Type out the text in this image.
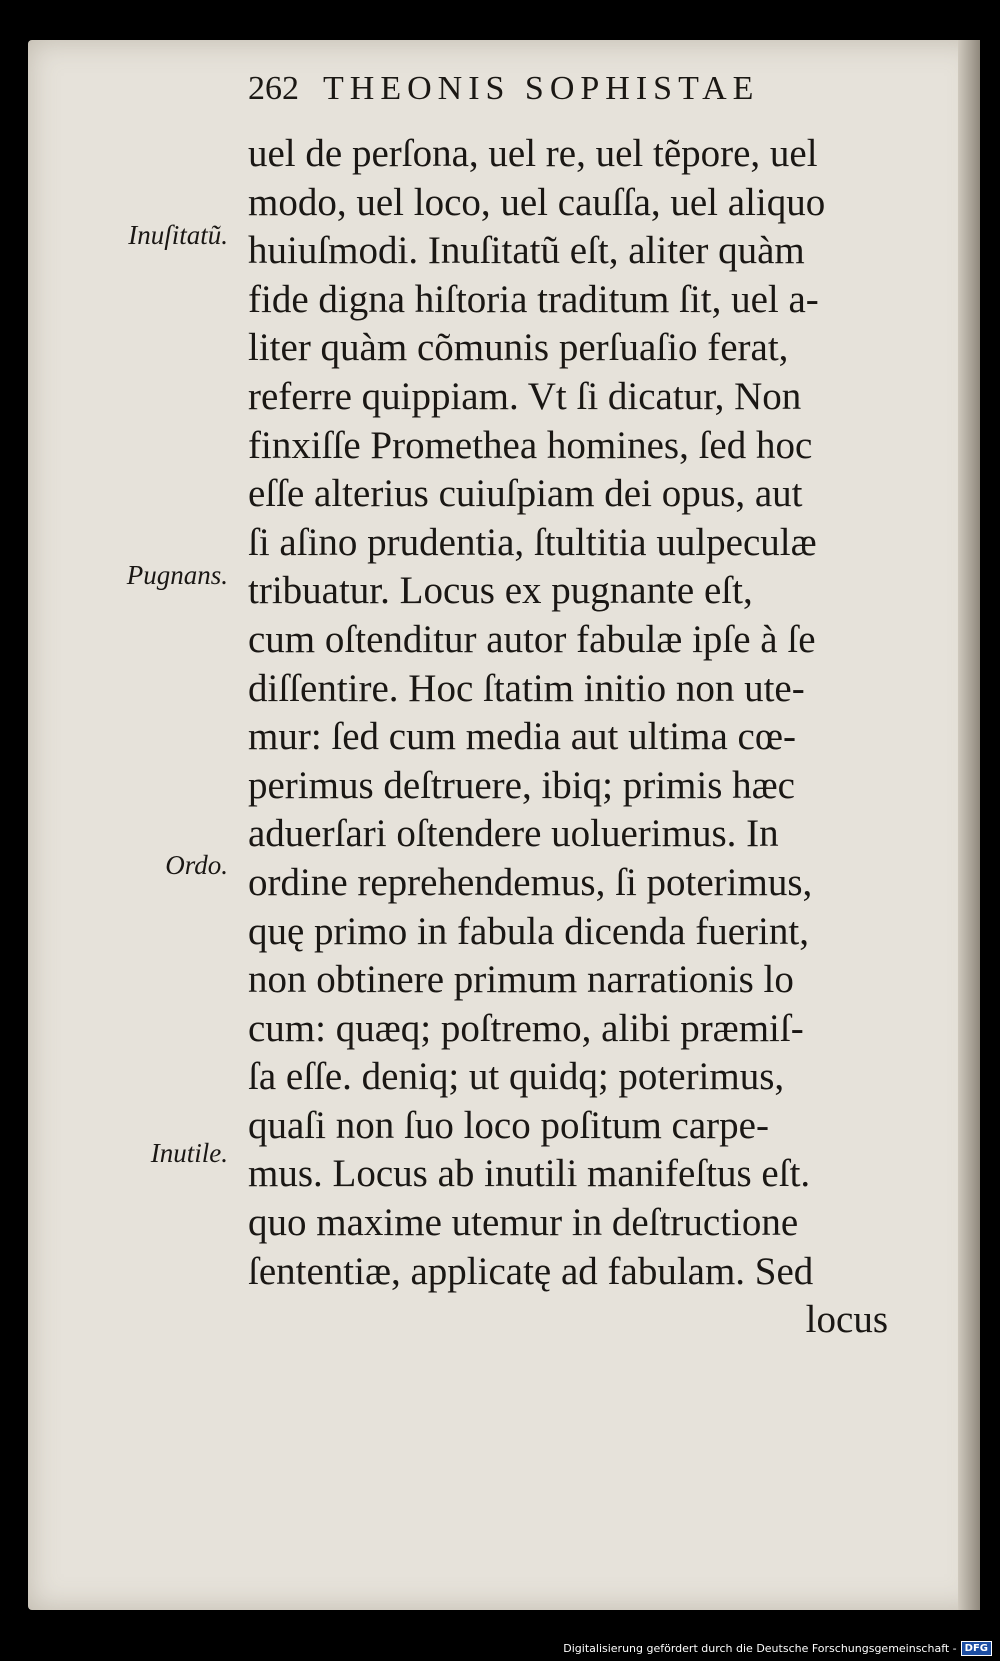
262 THEONIS SOPHISTAE
uel de perſona, uel re, uel tẽpore, uel
modo, uel loco, uel cauſſa, uel aliquo
huiuſmodi. Inuſitatũ eſt, aliter quàm
fide digna hiſtoria traditum ſit, uel a-
liter quàm cõmunis perſuaſio ferat,
referre quippiam. Vt ſi dicatur, Non
finxiſſe Promethea homines, ſed hoc
eſſe alterius cuiuſpiam dei opus, aut
ſi aſino prudentia, ſtultitia uulpeculæ
tribuatur. Locus ex pugnante eſt,
cum oſtenditur autor fabulæ ipſe à ſe
diſſentire. Hoc ſtatim initio non ute-
mur: ſed cum media aut ultima cœ-
perimus deſtruere, ibiq; primis hæc
aduerſari oſtendere uoluerimus. In
ordine reprehendemus, ſi poterimus,
quę primo in fabula dicenda fuerint,
non obtinere primum narrationis lo
cum: quæq; poſtremo, alibi præmiſ-
ſa eſſe. deniq; ut quidq; poterimus,
quaſi non ſuo loco poſitum carpe-
mus. Locus ab inutili manifeſtus eſt.
quo maxime utemur in deſtructione
ſententiæ, applicatę ad fabulam. Sed
locus
Inuſitatũ.
Pugnans.
Ordo.
Inutile.
Digitalisierung gefördert durch die Deutsche Forschungsgemeinschaft - DFG
